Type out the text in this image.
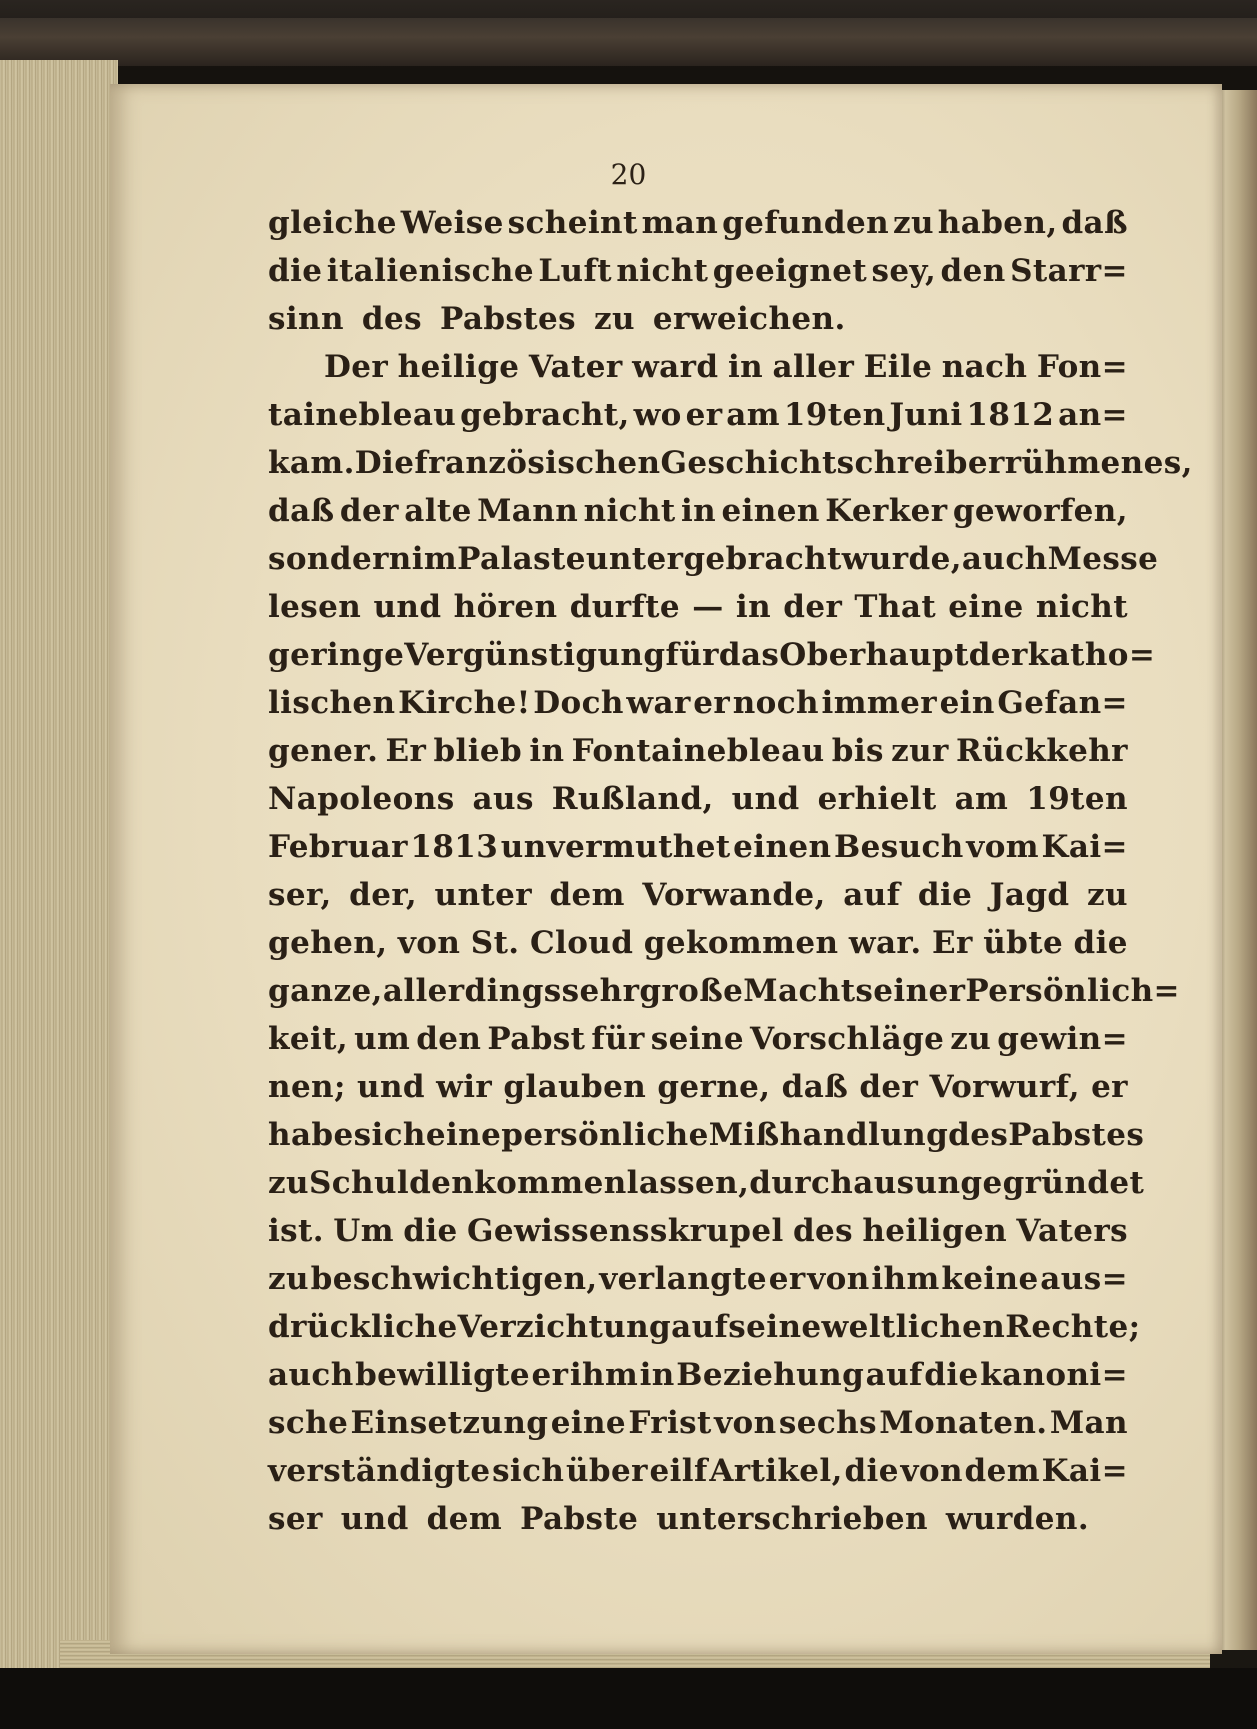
20
gleiche Weise scheint man gefunden zu haben, daß
die italienische Luft nicht geeignet sey, den Starr=
sinn des Pabstes zu erweichen.
Der heilige Vater ward in aller Eile nach Fon=
tainebleau gebracht, wo er am 19ten Juni 1812 an=
kam. Die französischen Geschichtschreiber rühmen es,
daß der alte Mann nicht in einen Kerker geworfen,
sondern im Palaste untergebracht wurde, auch Messe
lesen und hören durfte — in der That eine nicht
geringe Vergünstigung für das Oberhaupt der katho=
lischen Kirche! Doch war er noch immer ein Gefan=
gener. Er blieb in Fontainebleau bis zur Rückkehr
Napoleons aus Rußland, und erhielt am 19ten
Februar 1813 unvermuthet einen Besuch vom Kai=
ser, der, unter dem Vorwande, auf die Jagd zu
gehen, von St. Cloud gekommen war. Er übte die
ganze, allerdings sehr große Macht seiner Persönlich=
keit, um den Pabst für seine Vorschläge zu gewin=
nen; und wir glauben gerne, daß der Vorwurf, er
habe sich eine persönliche Mißhandlung des Pabstes
zu Schulden kommen lassen, durchaus ungegründet
ist. Um die Gewissensskrupel des heiligen Vaters
zu beschwichtigen, verlangte er von ihm keine aus=
drückliche Verzichtung auf seine weltlichen Rechte;
auch bewilligte er ihm in Beziehung auf die kanoni=
sche Einsetzung eine Frist von sechs Monaten. Man
verständigte sich über eilf Artikel, die von dem Kai=
ser und dem Pabste unterschrieben wurden.
